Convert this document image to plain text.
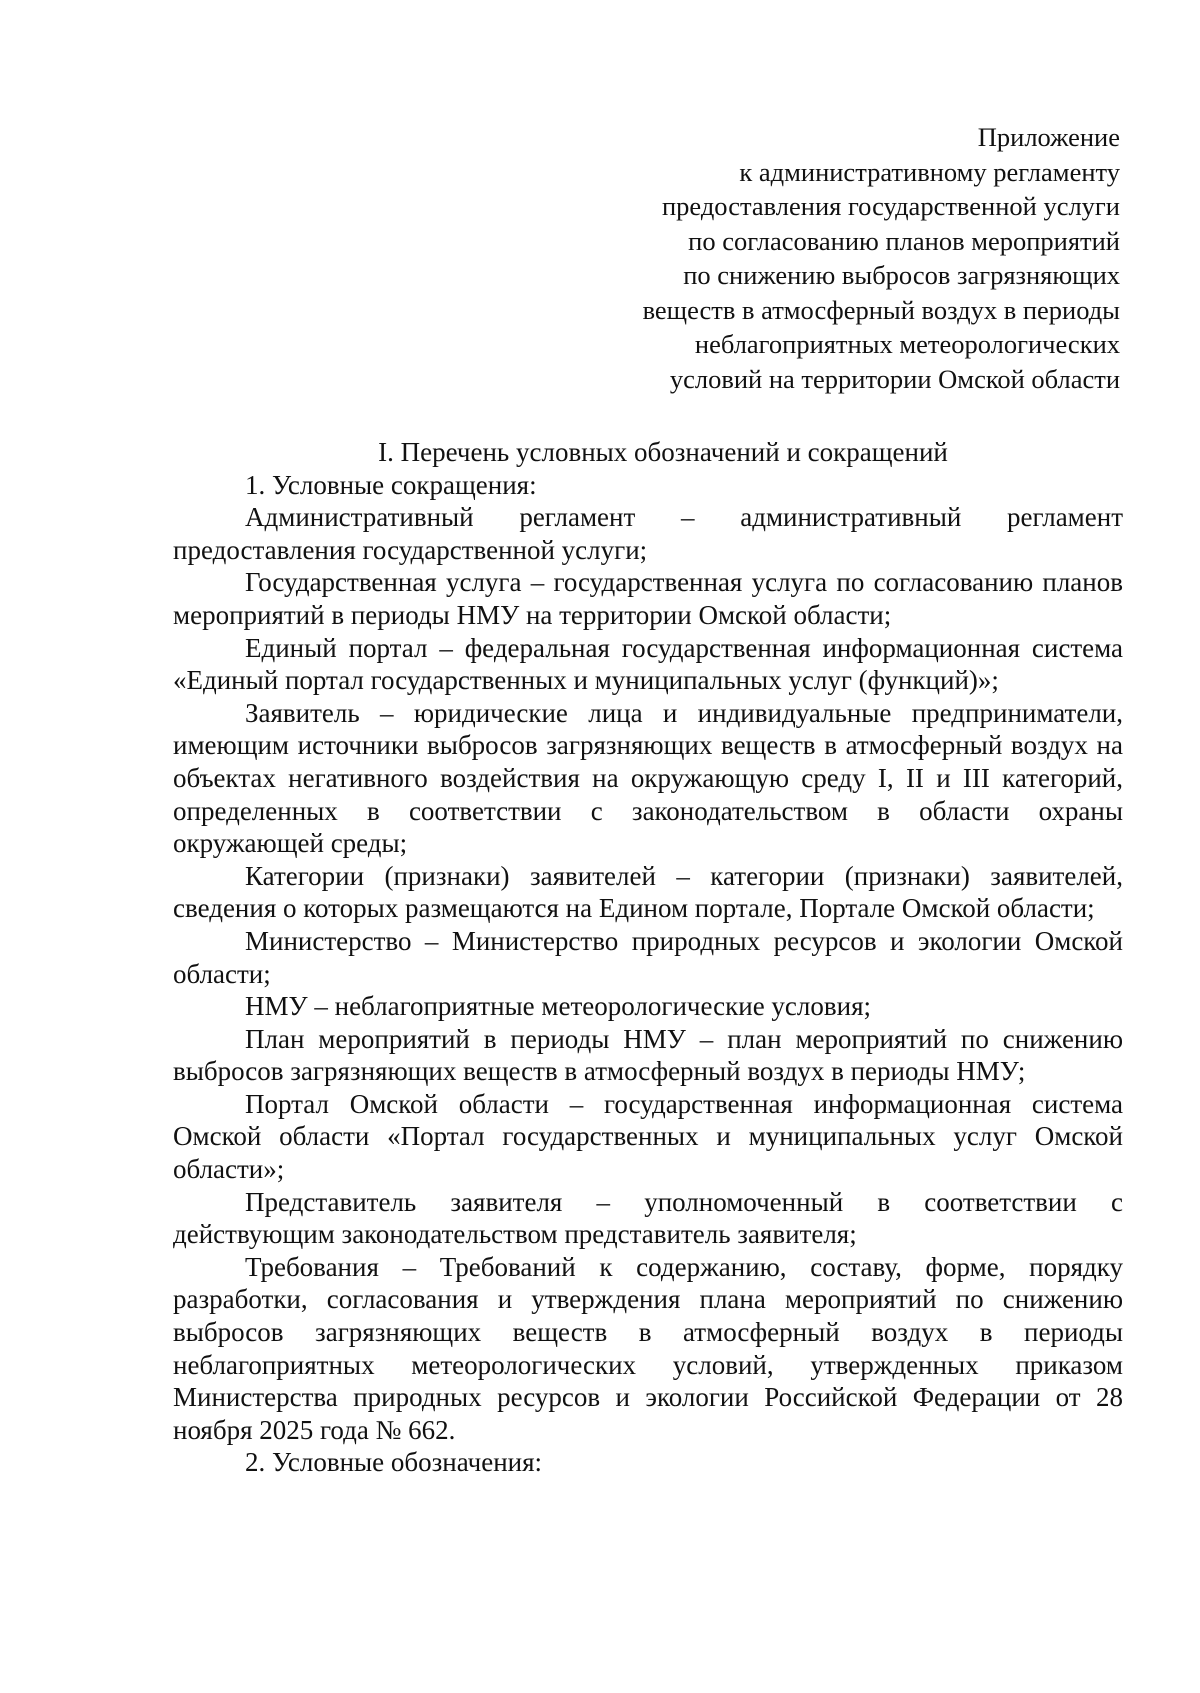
Приложение
к административному регламенту
предоставления государственной услуги
по согласованию планов мероприятий
по снижению выбросов загрязняющих
веществ в атмосферный воздух в периоды
неблагоприятных метеорологических
условий на территории Омской области

I. Перечень условных обозначений и сокращений

1. Условные сокращения:

Административный регламент – административный регламент предоставления государственной услуги;

Государственная услуга – государственная услуга по согласованию планов мероприятий в периоды НМУ на территории Омской области;

Единый портал – федеральная государственная информационная система «Единый портал государственных и муниципальных услуг (функций)»;

Заявитель – юридические лица и индивидуальные предприниматели, имеющим источники выбросов загрязняющих веществ в атмосферный воздух на объектах негативного воздействия на окружающую среду I, II и III категорий, определенных в соответствии с законодательством в области охраны окружающей среды;

Категории (признаки) заявителей – категории (признаки) заявителей, сведения о которых размещаются на Едином портале, Портале Омской области;

Министерство – Министерство природных ресурсов и экологии Омской области;

НМУ – неблагоприятные метеорологические условия;

План мероприятий в периоды НМУ – план мероприятий по снижению выбросов загрязняющих веществ в атмосферный воздух в периоды НМУ;

Портал Омской области – государственная информационная система Омской области «Портал государственных и муниципальных услуг Омской области»;

Представитель заявителя – уполномоченный в соответствии с действующим законодательством представитель заявителя;

Требования – Требований к содержанию, составу, форме, порядку разработки, согласования и утверждения плана мероприятий по снижению выбросов загрязняющих веществ в атмосферный воздух в периоды неблагоприятных метеорологических условий, утвержденных приказом Министерства природных ресурсов и экологии Российской Федерации от 28 ноября 2025 года № 662.

2. Условные обозначения:
